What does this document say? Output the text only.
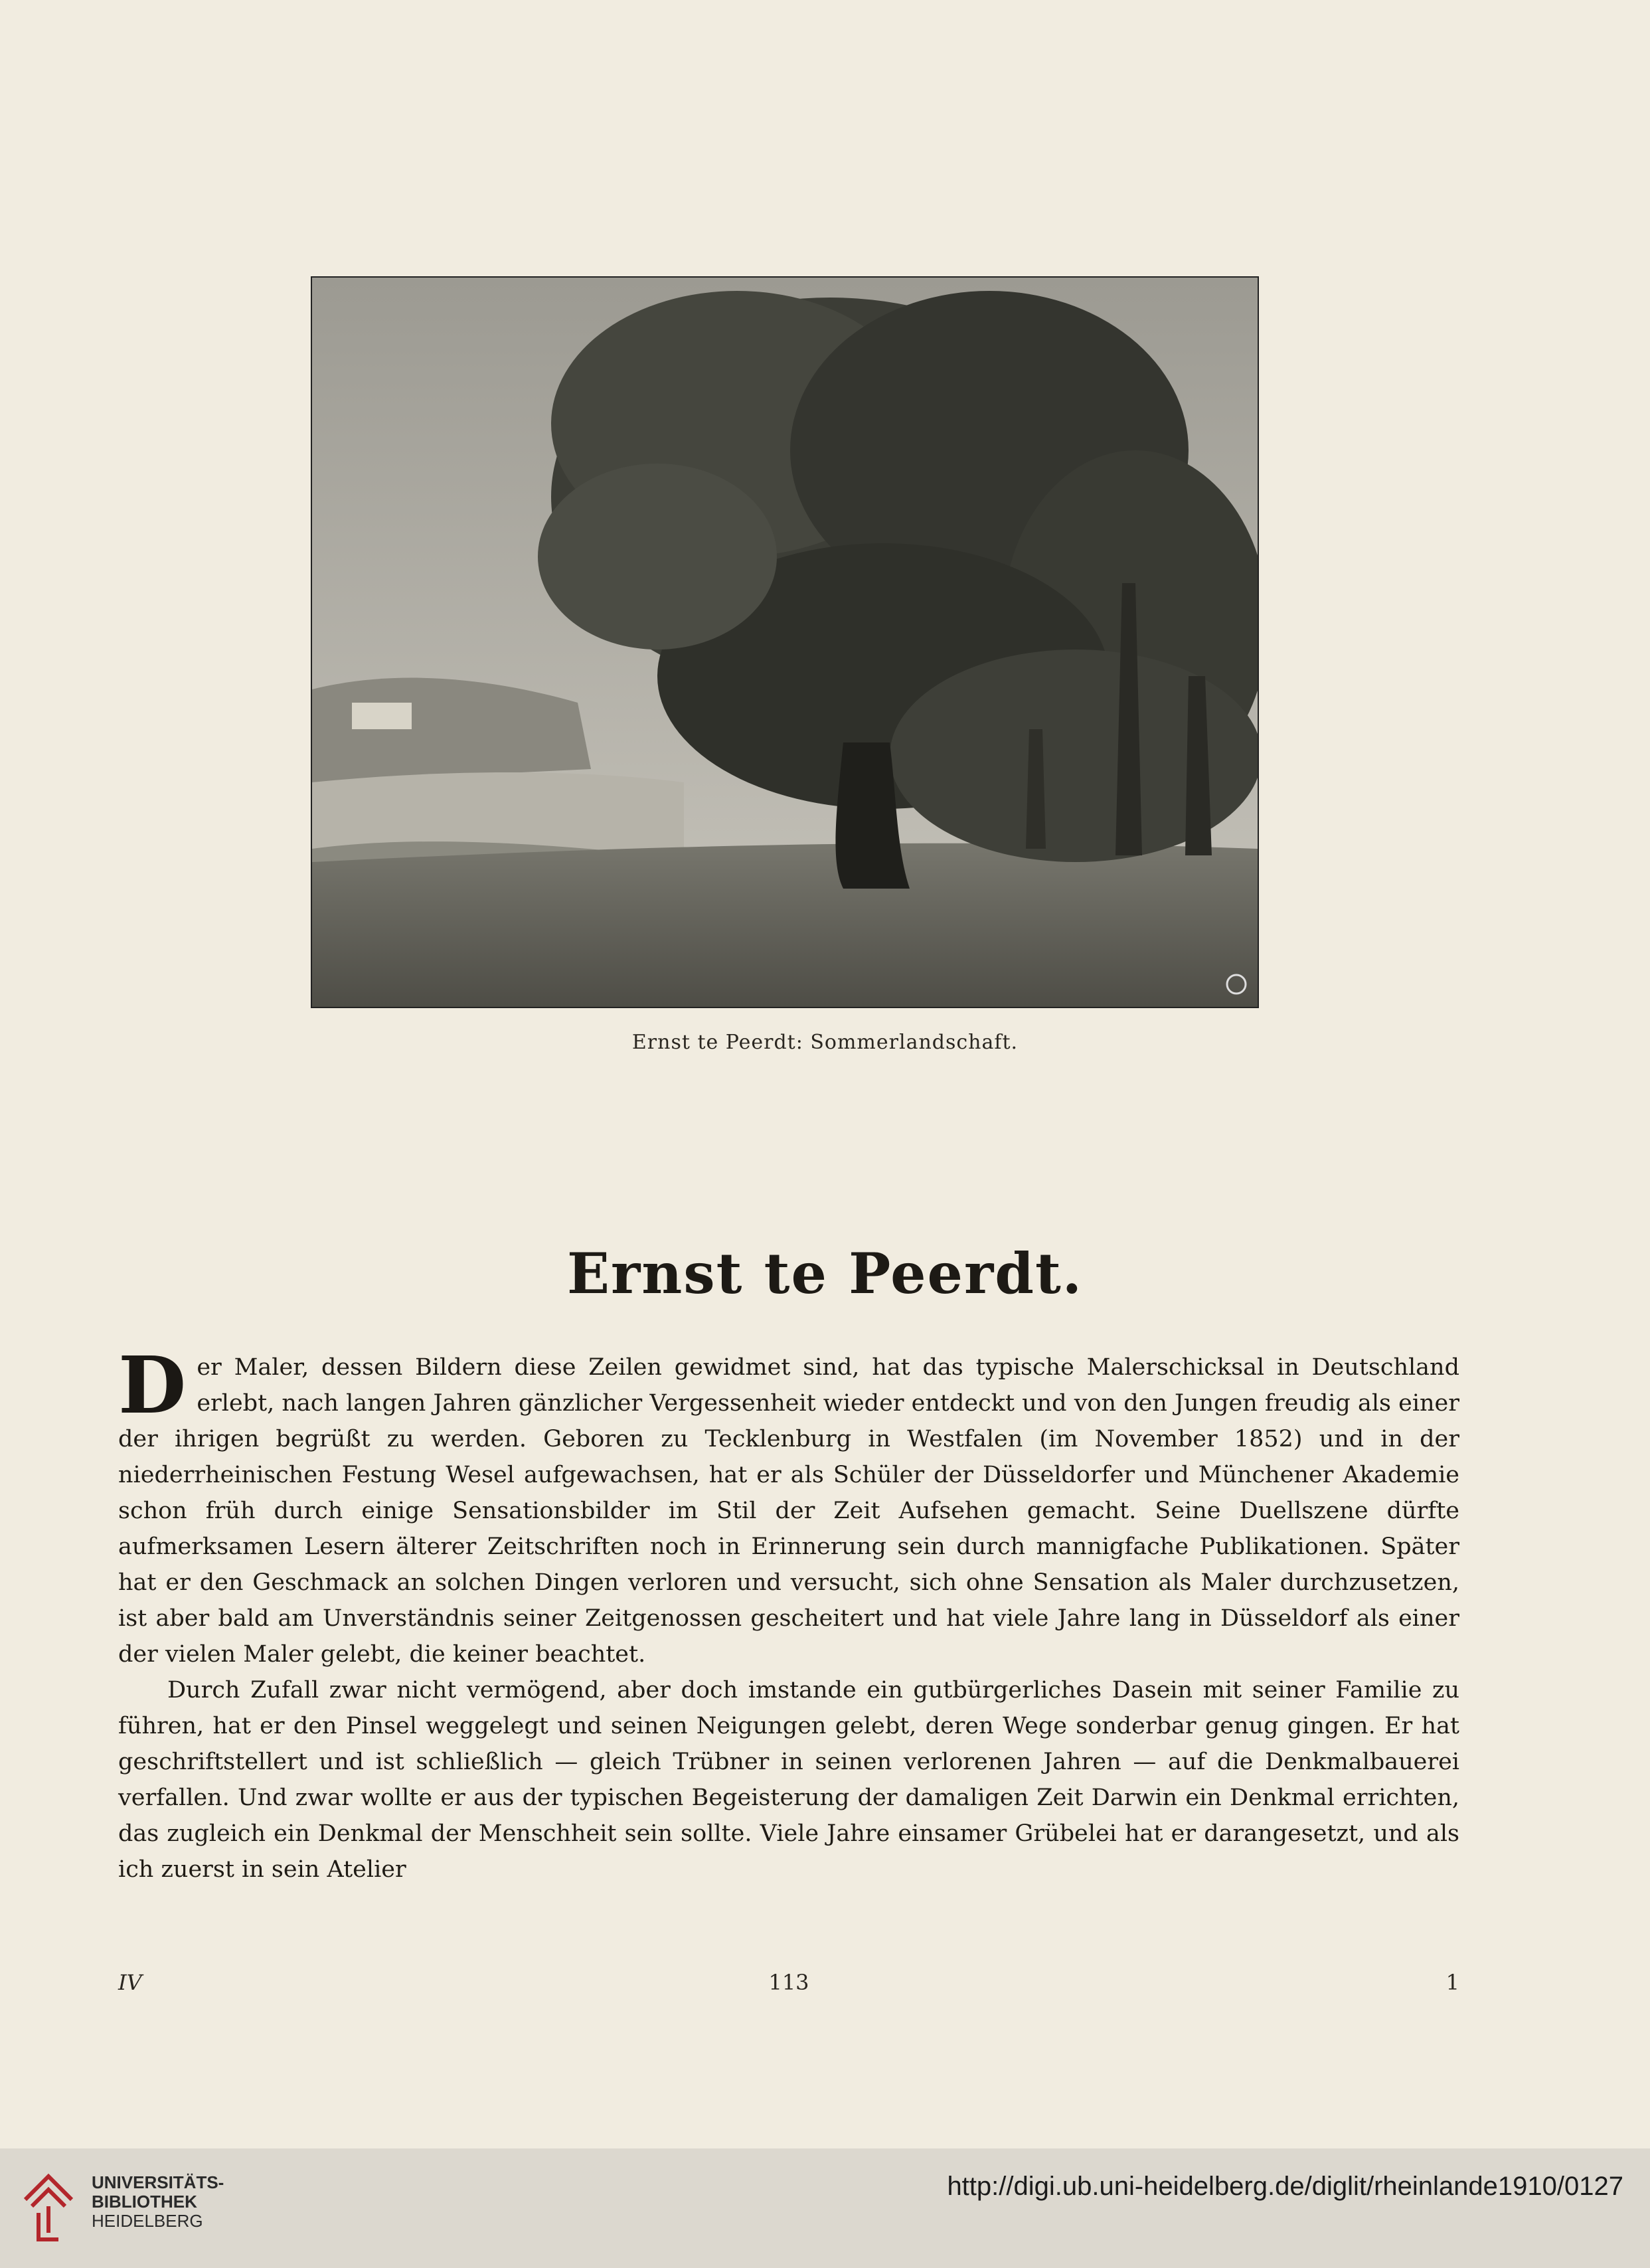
Ernst te Peerdt: Sommerlandschaft.
Ernst te Peerdt.

Der Maler, dessen Bildern diese Zeilen gewidmet sind, hat das typische Malerschicksal in Deutschland erlebt, nach langen Jahren gänzlicher Vergessenheit wieder entdeckt und von den Jungen freudig als einer der ihrigen begrüßt zu werden. Geboren zu Tecklenburg in Westfalen (im November 1852) und in der niederrheinischen Festung Wesel aufgewachsen, hat er als Schüler der Düsseldorfer und Münchener Akademie schon früh durch einige Sensationsbilder im Stil der Zeit Aufsehen gemacht. Seine Duellszene dürfte aufmerksamen Lesern älterer Zeitschriften noch in Erinnerung sein durch mannigfache Publikationen. Später hat er den Geschmack an solchen Dingen verloren und versucht, sich ohne Sensation als Maler durchzusetzen, ist aber bald am Unverständnis seiner Zeitgenossen gescheitert und hat viele Jahre lang in Düsseldorf als einer der vielen Maler gelebt, die keiner beachtet.

Durch Zufall zwar nicht vermögend, aber doch imstande ein gutbürgerliches Dasein mit seiner Familie zu führen, hat er den Pinsel weggelegt und seinen Neigungen gelebt, deren Wege sonderbar genug gingen. Er hat geschriftstellert und ist schließlich — gleich Trübner in seinen verlorenen Jahren — auf die Denkmalbauerei verfallen. Und zwar wollte er aus der typischen Begeisterung der damaligen Zeit Darwin ein Denkmal errichten, das zugleich ein Denkmal der Menschheit sein sollte. Viele Jahre einsamer Grübelei hat er darangesetzt, und als ich zuerst in sein Atelier

IV	113	1
UNIVERSITÄTS-
BIBLIOTHEK
HEIDELBERG
http://digi.ub.uni-heidelberg.de/diglit/rheinlande1910/0127
